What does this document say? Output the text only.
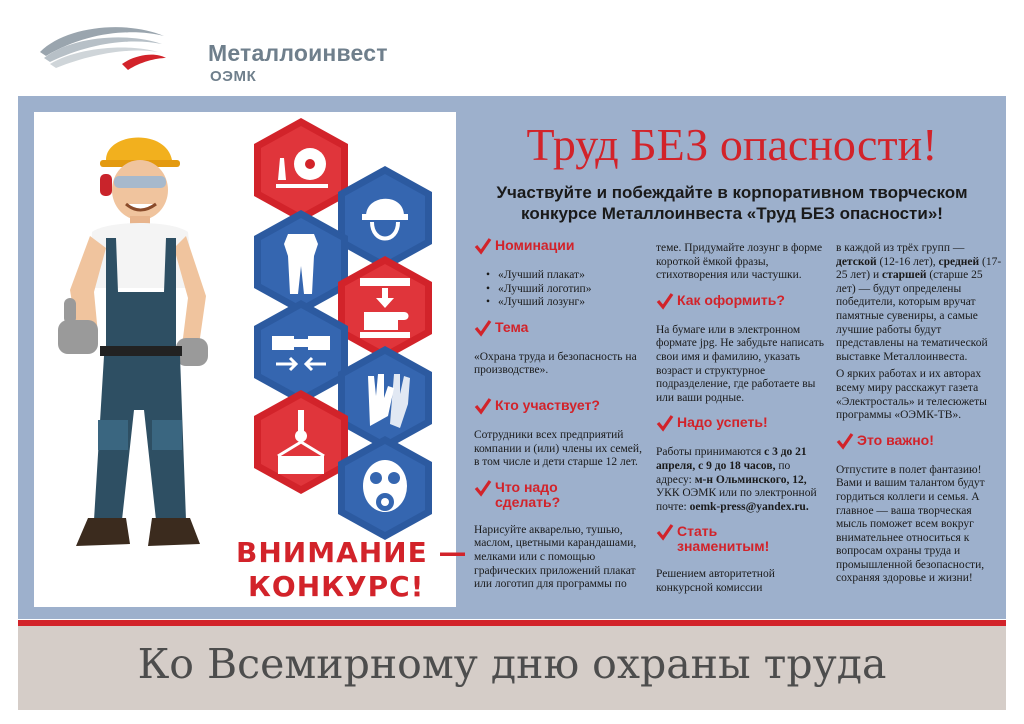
Металлоинвест
ОЭМК
ВНИМАНИЕ —
КОНКУРС!
Труд БЕЗ опасности!
Участвуйте и побеждайте в корпоративном творческом конкурсе Металлоинвеста «Труд БЕЗ опасности»!
Номинации
• «Лучший плакат»
• «Лучший логотип»
• «Лучший лозунг»
Тема
«Охрана труда и безопасность на производстве».
Кто участвует?
Сотрудники всех предприятий компании и (или) члены их семей, в том числе и дети старше 12 лет.
Что надо
сделать?
Нарисуйте акварелью, тушью, маслом, цветными карандашами, мелками или с помощью графических приложений плакат или логотип для программы по
теме. Придумайте лозунг в форме короткой ёмкой фразы, стихотворения или частушки.
Как оформить?
На бумаге или в электронном формате jpg. Не забудьте написать свои имя и фамилию, указать возраст и структурное подразделение, где работаете вы или ваши родные.
Надо успеть!
Работы принимаются с 3 до 21 апреля, с 9 до 18 часов, по адресу: м-н Ольминского, 12, УКК ОЭМК или по электронной почте: oemk-press@yandex.ru.
Стать
знаменитым!
Решением авторитетной конкурсной комиссии
в каждой из трёх групп — детской (12-16 лет), средней (17-25 лет) и старшей (старше 25 лет) — будут определены победители, которым вручат памятные сувениры, а самые лучшие работы будут представлены на тематической выставке Металлоинвеста.
О ярких работах и их авторах всему миру расскажут газета «Электросталь» и телесюжеты программы «ОЭМК-ТВ».
Это важно!
Отпустите в полет фантазию! Вами и вашим талантом будут гордиться коллеги и семья. А главное — ваша творческая мысль поможет всем вокруг внимательнее относиться к вопросам охраны труда и промышленной безопасности, сохраняя здоровье и жизни!
Ко Всемирному дню охраны труда
